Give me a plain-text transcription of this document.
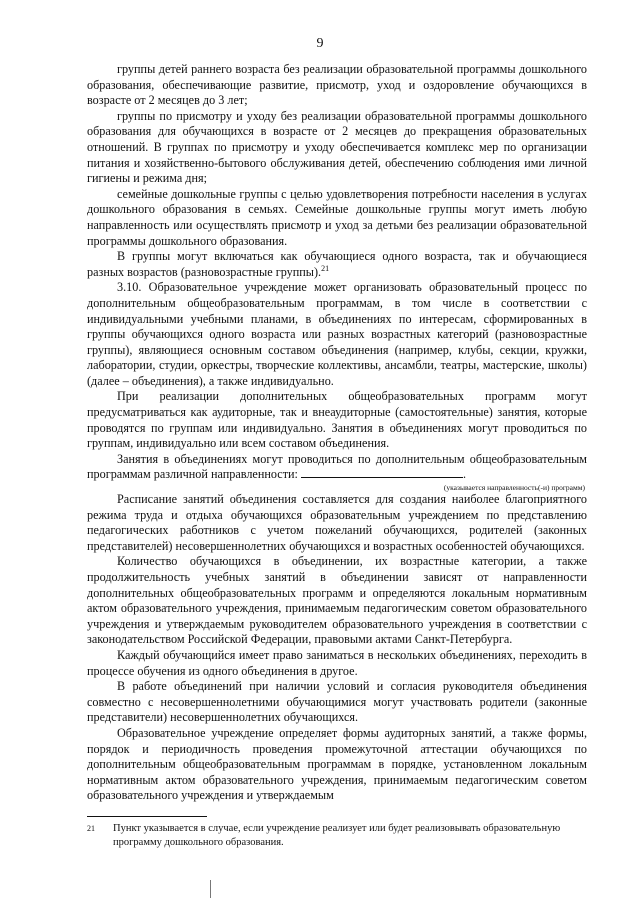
9

группы детей раннего возраста без реализации образовательной программы дошкольного образования, обеспечивающие развитие, присмотр, уход и оздоровление обучающихся в возрасте от 2 месяцев до 3 лет;

группы по присмотру и уходу без реализации образовательной программы дошкольного образования для обучающихся в возрасте от 2 месяцев до прекращения образовательных отношений. В группах по присмотру и уходу обеспечивается комплекс мер по организации питания и хозяйственно-бытового обслуживания детей, обеспечению соблюдения ими личной гигиены и режима дня;

семейные дошкольные группы с целью удовлетворения потребности населения в услугах дошкольного образования в семьях. Семейные дошкольные группы могут иметь любую направленность или осуществлять присмотр и уход за детьми без реализации образовательной программы дошкольного образования.

В группы могут включаться как обучающиеся одного возраста, так и обучающиеся разных возрастов (разновозрастные группы).$^{21}$

3.10. Образовательное учреждение может организовать образовательный процесс по дополнительным общеобразовательным программам, в том числе в соответствии с индивидуальными учебными планами, в объединениях по интересам, сформированных в группы обучающихся одного возраста или разных возрастных категорий (разновозрастные группы), являющиеся основным составом объединения (например, клубы, секции, кружки, лаборатории, студии, оркестры, творческие коллективы, ансамбли, театры, мастерские, школы) (далее – объединения), а также индивидуально.

При реализации дополнительных общеобразовательных программ могут предусматриваться как аудиторные, так и внеаудиторные (самостоятельные) занятия, которые проводятся по группам или индивидуально. Занятия в объединениях могут проводиться по группам, индивидуально или всем составом объединения.

Занятия в объединениях могут проводиться по дополнительным общеобразовательным программам различной направленности:	.

(указывается направленность(-и) программ)

Расписание занятий объединения составляется для создания наиболее благоприятного режима труда и отдыха обучающихся образовательным учреждением по представлению педагогических работников с учетом пожеланий обучающихся, родителей (законных представителей) несовершеннолетних обучающихся и возрастных особенностей обучающихся.

Количество обучающихся в объединении, их возрастные категории, а также продолжительность учебных занятий в объединении зависят от направленности дополнительных общеобразовательных программ и определяются локальным нормативным актом образовательного учреждения, принимаемым педагогическим советом образовательного учреждения и утверждаемым руководителем образовательного учреждения в соответствии с законодательством Российской Федерации, правовыми актами Санкт-Петербурга.

Каждый обучающийся имеет право заниматься в нескольких объединениях, переходить в процессе обучения из одного объединения в другое.

В работе объединений при наличии условий и согласия руководителя объединения совместно с несовершеннолетними обучающимися могут участвовать родители (законные представители) несовершеннолетних обучающихся.

Образовательное учреждение определяет формы аудиторных занятий, а также формы, порядок и периодичность проведения промежуточной аттестации обучающихся по дополнительным общеобразовательным программам в порядке, установленном локальным нормативным актом образовательного учреждения, принимаемым педагогическим советом образовательного учреждения и утверждаемым

21 Пункт указывается в случае, если учреждение реализует или будет реализовывать образовательную программу дошкольного образования.
